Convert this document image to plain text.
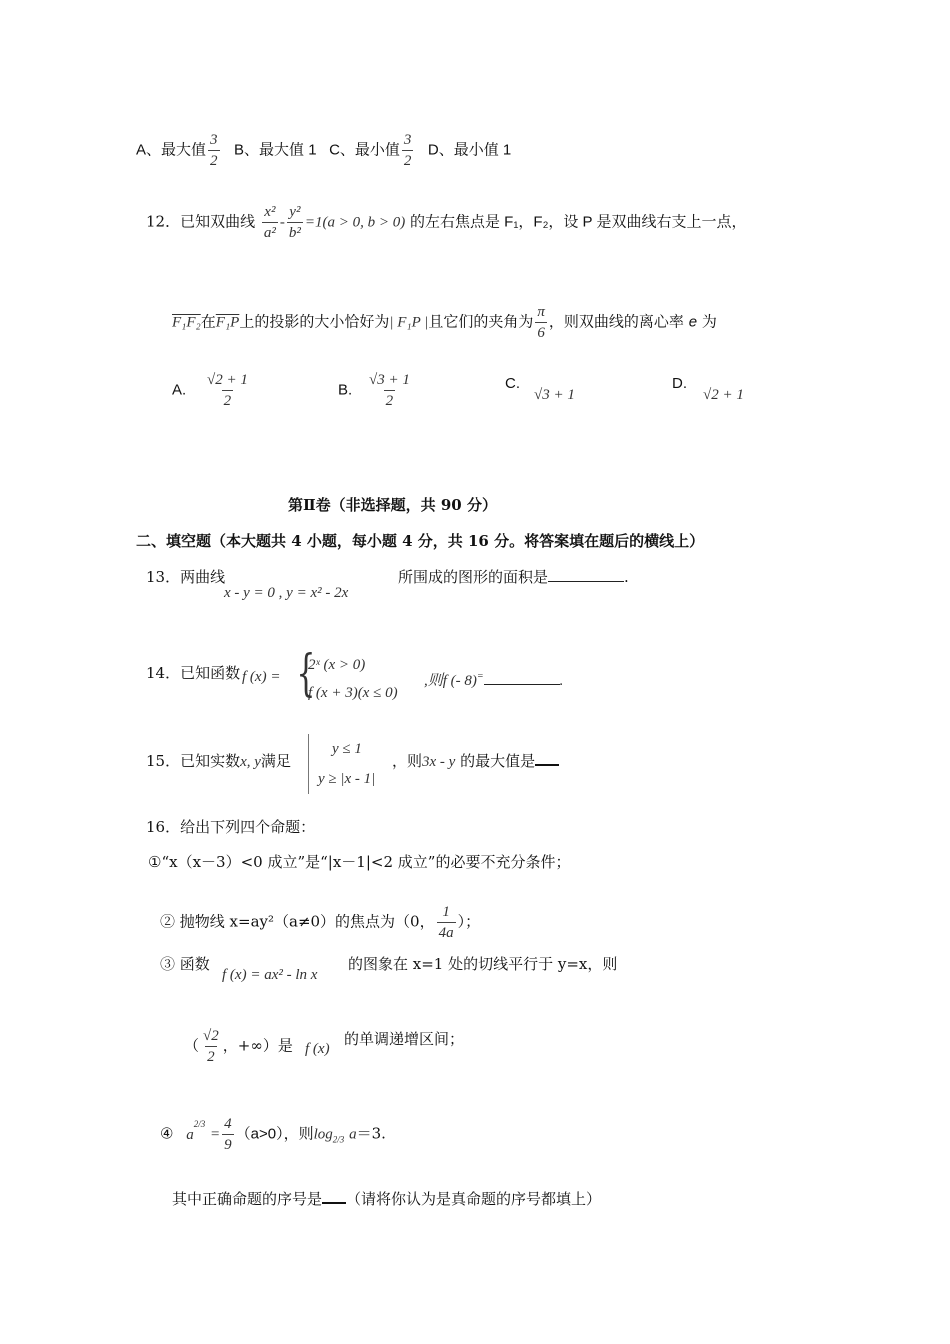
A、最大值 $\frac{3}{2}$ B、最大值 1 C、最小值 $\frac{3}{2}$ D、最小值 1
12．已知双曲线 $\frac{\text{x²}}{\text{a²}} - \frac{\text{y²}}{\text{b²}} =1(a > 0$, b > 0) 的左右焦点是 F₁，F₂，设 P 是双曲线右支上一点，
F₁F₂在F₁P上的投影的大小恰好为| F₁P |且它们的夹角为 $\frac{\pi}{6}$ ，则双曲线的离心率 e 为
A. $\frac{√2 + 1}{2}$	B. $\frac{√3 + 1}{2}$	C.
√3 + 1
D.
√2 + 1
第Ⅱ卷（非选择题，共 90 分）
二、填空题（本大题共 4 小题，每小题 4 分，共 16 分。将答案填在题后的横线上）
13．两曲线
x - y = 0 , y = x² - 2x
所围成的图形的面积是	.
14．已知函数 f (x) = {
2ˣ (x > 0)
f (x + 3)(x ≤ 0)
,则f (- 8)=	.
15．已知实数x, y满足
y ≤ 1
y ≥ |x - 1|
，则3x - y 的最大值是
16．给出下列四个命题：
①“x（x－3）<0 成立”是“|x－1|<2 成立”的必要不充分条件；
② 抛物线 x=ay²（a≠0）的焦点为（0， $\frac{1}{4a}$ ）；
③ 函数
f (x) = ax² - ln x
的图象在 x=1 处的切线平行于 y=x，则
（ $\frac{√2}{2}$ ，+∞）是 f (x)
的单调递增区间；
④ $a^{2/3} = \frac{4}{9} (a>0)$，则$\log_{2/3} a=3$.
其中正确命题的序号是 （请将你认为是真命题的序号都填上）
